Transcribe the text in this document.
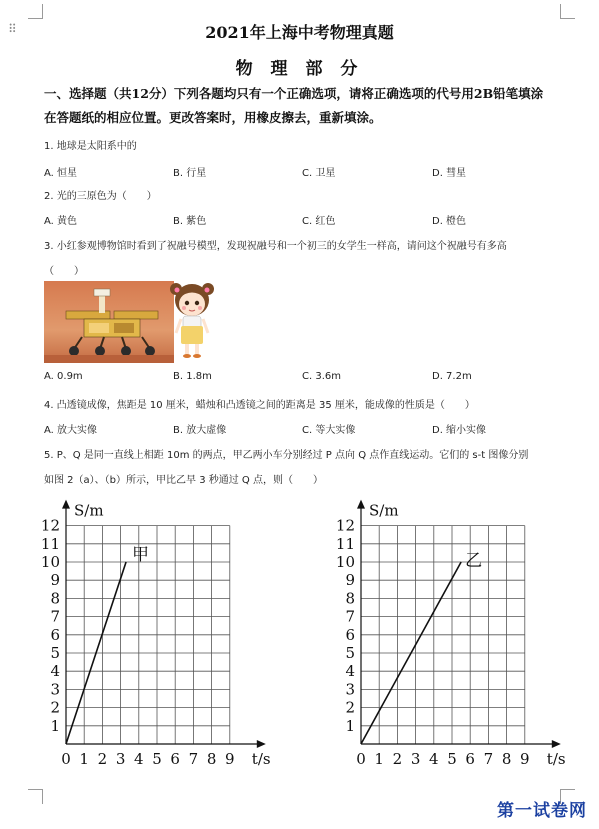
⠿	2021年上海中考物理真题
物 理 部 分
一、选择题（共12分）下列各题均只有一个正确选项，请将正确选项的代号用2B铅笔填涂
在答题纸的相应位置。更改答案时，用橡皮擦去，重新填涂。
1. 地球是太阳系中的
A. 恒星	B. 行星	C. 卫星	D. 彗星
2. 光的三原色为（　　）
A. 黄色	B. 紫色	C. 红色	D. 橙色
3. 小红参观博物馆时看到了祝融号模型，发现祝融号和一个初三的女学生一样高，请问这个祝融号有多高
（　　）
A. 0.9m	B. 1.8m	C. 3.6m	D. 7.2m
4. 凸透镜成像，焦距是 10 厘米，蜡烛和凸透镜之间的距离是 35 厘米，能成像的性质是（　　）
A. 放大实像	B. 放大虚像	C. 等大实像	D. 缩小实像
5. P、Q 是同一直线上相距 10m 的两点，甲乙两小车分别经过 P 点向 Q 点作直线运动。它们的 s-t 图像分别
如图 2（a）、（b）所示，甲比乙早 3 秒通过 Q 点，则（　　）
0 1 2 3 4 5 6 7 8 9
1
2
3
4
5
6
7
8
9
10
11
12
S/m
t/s
甲
0 1 2 3 4 5 6 7 8 9
1
2
3
4
5
6
7
8
9
10
11
12
S/m
t/s
乙
第一试卷网
